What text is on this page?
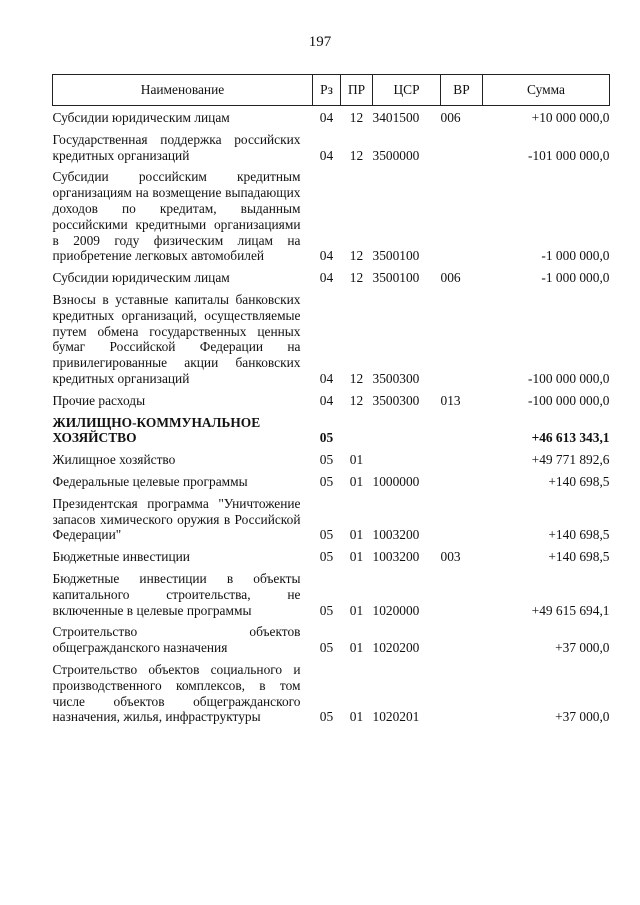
197
Наименование	Рз	ПР	ЦСР	ВР	Сумма

Субсидии юридическим лицам	04	12	3401500	006	+10 000 000,0

Государственная поддержка российских кредитных организаций	04	12	3500000		-101 000 000,0

Субсидии российским кредитным организациям на возмещение выпадающих доходов по кредитам, выданным российскими кредитными организациями в 2009 году физическим лицам на приобретение легковых автомобилей	04	12	3500100		-1 000 000,0

Субсидии юридическим лицам	04	12	3500100	006	-1 000 000,0

Взносы в уставные капиталы банковских кредитных организаций, осуществляемые путем обмена государственных ценных бумаг Российской Федерации на привилегированные акции банковских кредитных организаций	04	12	3500300		-100 000 000,0

Прочие расходы	04	12	3500300	013	-100 000 000,0

ЖИЛИЩНО-КОММУНАЛЬНОЕ ХОЗЯЙСТВО	05				+46 613 343,1

Жилищное хозяйство	05	01			+49 771 892,6

Федеральные целевые программы	05	01	1000000		+140 698,5

Президентская программа "Уничтожение запасов химического оружия в Российской Федерации"	05	01	1003200		+140 698,5

Бюджетные инвестиции	05	01	1003200	003	+140 698,5

Бюджетные инвестиции в объекты капитального строительства, не включенные в целевые программы	05	01	1020000		+49 615 694,1

Строительство объектов общегражданского назначения	05	01	1020200		+37 000,0

Строительство объектов социального и производственного комплексов, в том числе объектов общегражданского назначения, жилья, инфраструктуры	05	01	1020201		+37 000,0
